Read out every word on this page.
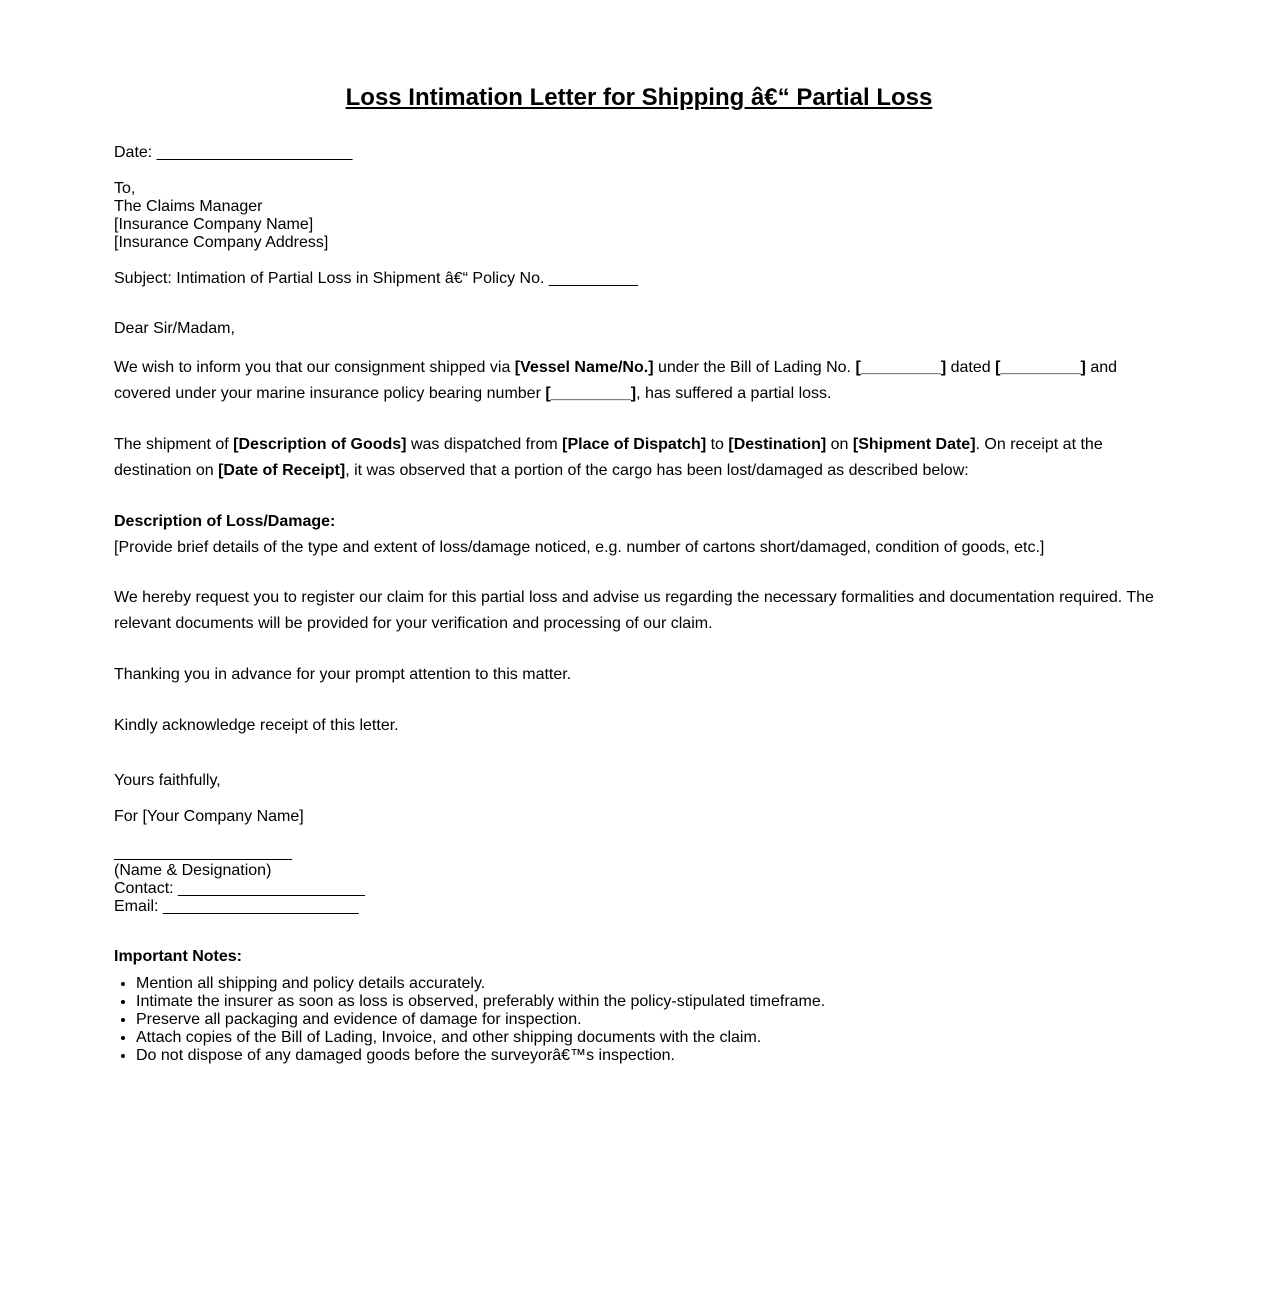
Loss Intimation Letter for Shipping â€“ Partial Loss
Date: ______________________
To,
The Claims Manager
[Insurance Company Name]
[Insurance Company Address]
Subject: Intimation of Partial Loss in Shipment â€“ Policy No. __________
Dear Sir/Madam,
We wish to inform you that our consignment shipped via [Vessel Name/No.] under the Bill of Lading No. [_________] dated [_________] and covered under your marine insurance policy bearing number [_________], has suffered a partial loss.
The shipment of [Description of Goods] was dispatched from [Place of Dispatch] to [Destination] on [Shipment Date]. On receipt at the destination on [Date of Receipt], it was observed that a portion of the cargo has been lost/damaged as described below:
Description of Loss/Damage:
[Provide brief details of the type and extent of loss/damage noticed, e.g. number of cartons short/damaged, condition of goods, etc.]
We hereby request you to register our claim for this partial loss and advise us regarding the necessary formalities and documentation required. The relevant documents will be provided for your verification and processing of our claim.
Thanking you in advance for your prompt attention to this matter.
Kindly acknowledge receipt of this letter.
Yours faithfully,
For [Your Company Name]
____________________
(Name & Designation)
Contact: _____________________
Email: ______________________
Important Notes:
• Mention all shipping and policy details accurately.
• Intimate the insurer as soon as loss is observed, preferably within the policy-stipulated timeframe.
• Preserve all packaging and evidence of damage for inspection.
• Attach copies of the Bill of Lading, Invoice, and other shipping documents with the claim.
• Do not dispose of any damaged goods before the surveyorâ€™s inspection.
